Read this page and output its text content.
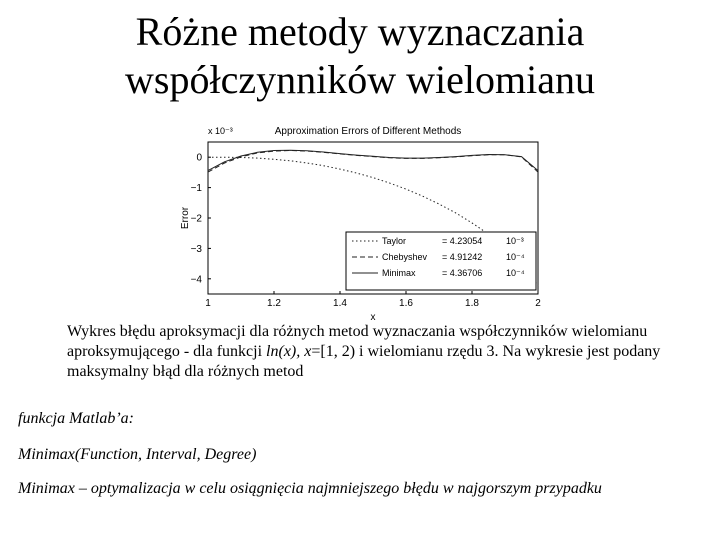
Różne metody wyznaczania
współczynników wielomianu
Approximation Errors of Different Methods
x 10⁻³
Error
x
1	1.2	1.4	1.6	1.8	2
0
−1
−2
−3
−4
Taylor	= 4.23054	10⁻³
Chebyshev = 4.91242	10⁻⁴
Minimax	= 4.36706	10⁻⁴
Wykres błędu aproksymacji dla różnych metod wyznaczania współczynników wielomianu aproksymującego - dla funkcji ln(x), x=[1, 2) i wielomianu rzędu 3. Na wykresie jest podany maksymalny błąd dla różnych metod
funkcja Matlab’a:
Minimax(Function, Interval, Degree)
Minimax – optymalizacja w celu osiągnięcia najmniejszego błędu w najgorszym przypadku
